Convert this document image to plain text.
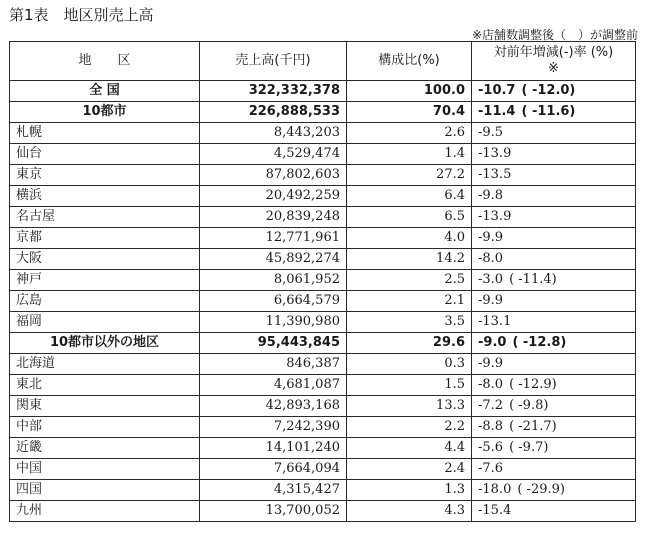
第1表　地区別売上高
※店舗数調整後（　）が調整前
地　　区	売上高(千円)	構成比(%)	対前年増減(-)率 (%)
※

全 国	322,332,378	100.0	-10.7 ( -12.0)
10都市	226,888,533	70.4	-11.4 ( -11.6)
札幌	8,443,203	2.6	-9.5
仙台	4,529,474	1.4	-13.9
東京	87,802,603	27.2	-13.5
横浜	20,492,259	6.4	-9.8
名古屋	20,839,248	6.5	-13.9
京都	12,771,961	4.0	-9.9
大阪	45,892,274	14.2	-8.0
神戸	8,061,952	2.5	-3.0 ( -11.4)
広島	6,664,579	2.1	-9.9
福岡	11,390,980	3.5	-13.1
10都市以外の地区	95,443,845	29.6	-9.0 ( -12.8)
北海道	846,387	0.3	-9.9
東北	4,681,087	1.5	-8.0 ( -12.9)
関東	42,893,168	13.3	-7.2 ( -9.8)
中部	7,242,390	2.2	-8.8 ( -21.7)
近畿	14,101,240	4.4	-5.6 ( -9.7)
中国	7,664,094	2.4	-7.6
四国	4,315,427	1.3	-18.0 ( -29.9)
九州	13,700,052	4.3	-15.4
